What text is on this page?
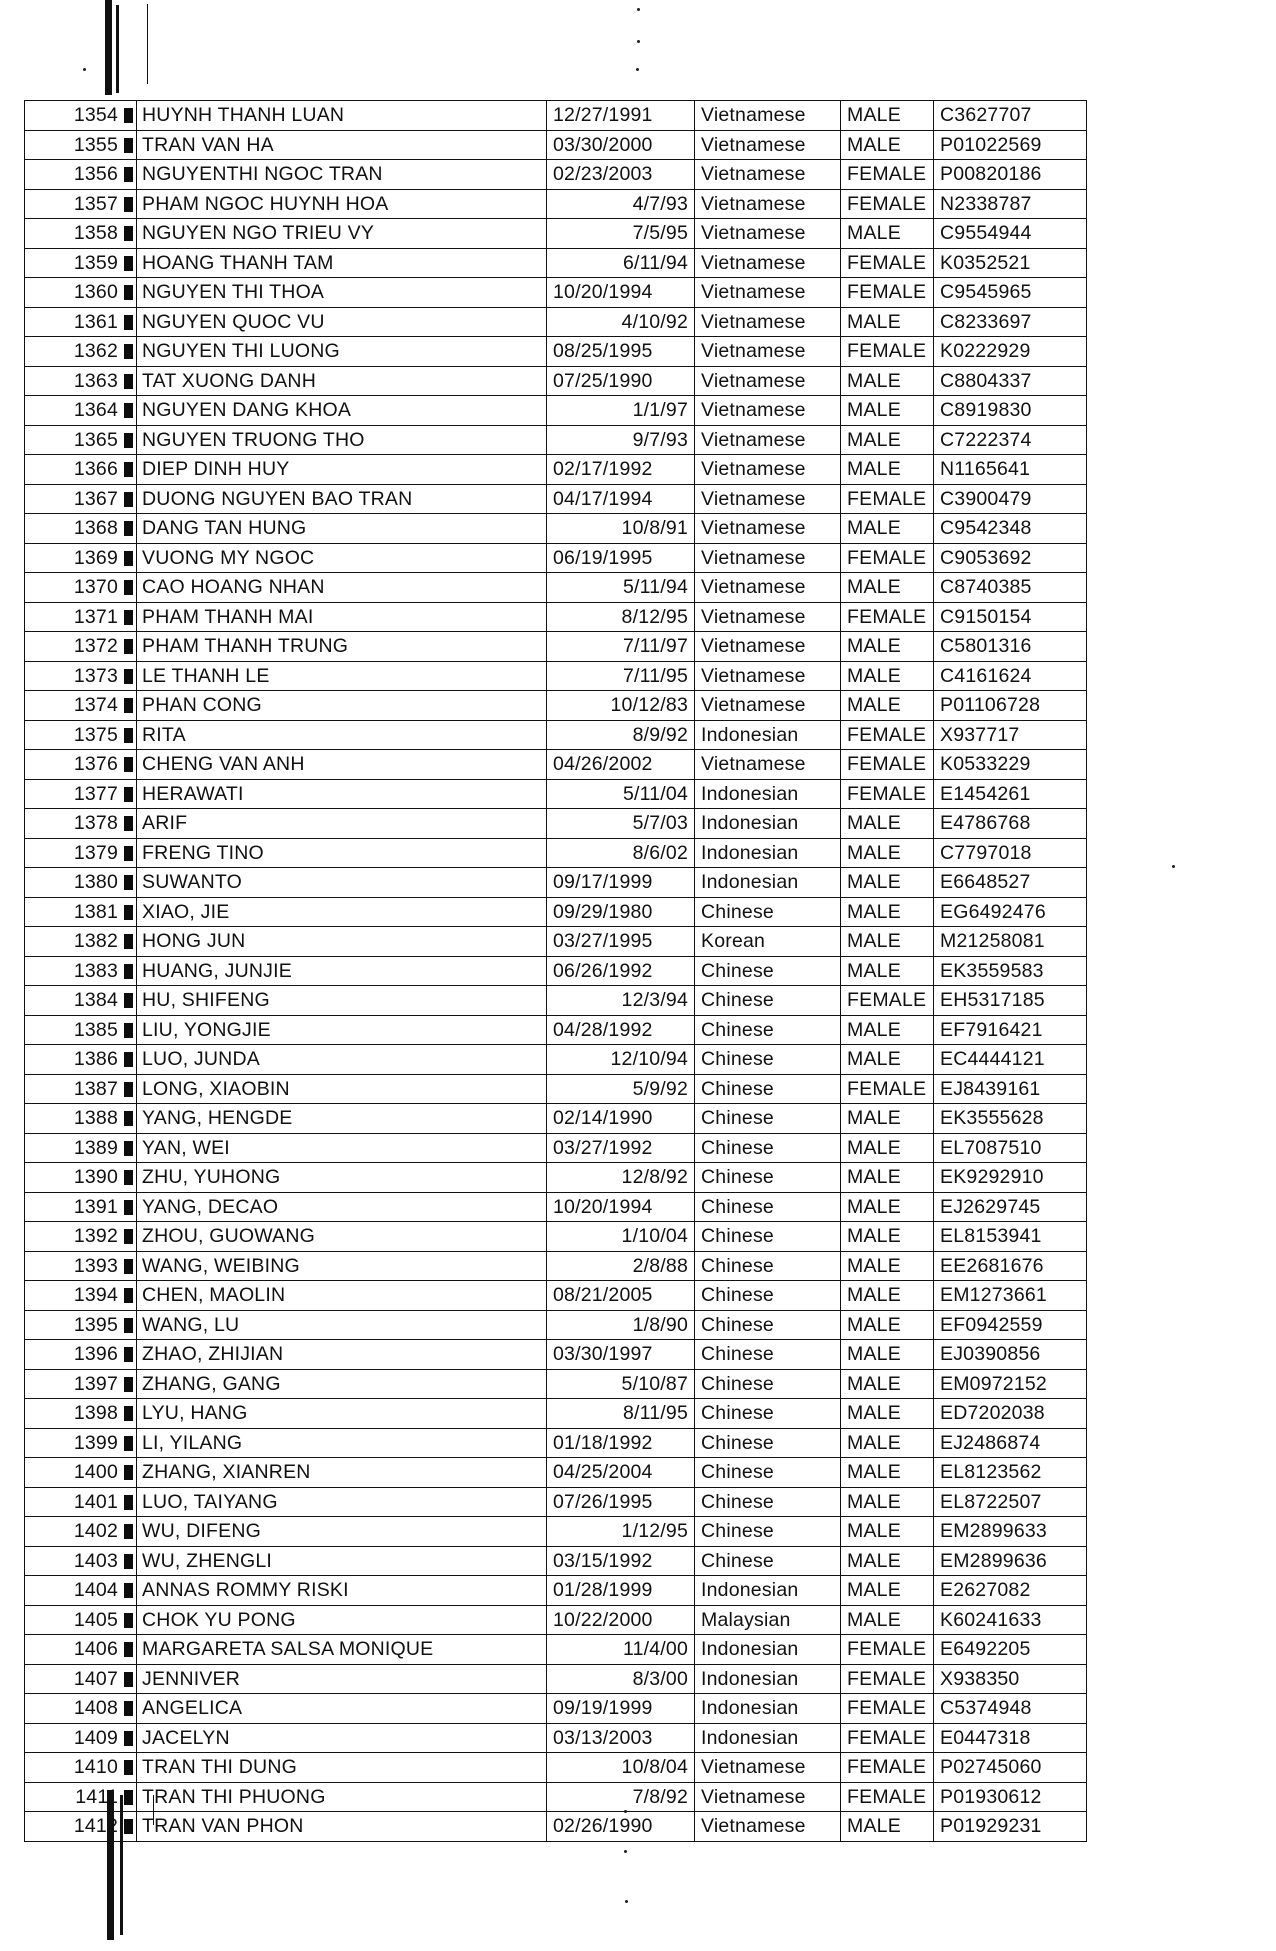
1354	HUYNH THANH LUAN	12/27/1991	Vietnamese	MALE	C3627707
1355	TRAN VAN HA	03/30/2000	Vietnamese	MALE	P01022569
1356	NGUYENTHI NGOC TRAN	02/23/2003	Vietnamese	FEMALE	P00820186
1357	PHAM NGOC HUYNH HOA	4/7/93	Vietnamese	FEMALE	N2338787
1358	NGUYEN NGO TRIEU VY	7/5/95	Vietnamese	MALE	C9554944
1359	HOANG THANH TAM	6/11/94	Vietnamese	FEMALE	K0352521
1360	NGUYEN THI THOA	10/20/1994	Vietnamese	FEMALE	C9545965
1361	NGUYEN QUOC VU	4/10/92	Vietnamese	MALE	C8233697
1362	NGUYEN THI LUONG	08/25/1995	Vietnamese	FEMALE	K0222929
1363	TAT XUONG DANH	07/25/1990	Vietnamese	MALE	C8804337
1364	NGUYEN DANG KHOA	1/1/97	Vietnamese	MALE	C8919830
1365	NGUYEN TRUONG THO	9/7/93	Vietnamese	MALE	C7222374
1366	DIEP DINH HUY	02/17/1992	Vietnamese	MALE	N1165641
1367	DUONG NGUYEN BAO TRAN	04/17/1994	Vietnamese	FEMALE	C3900479
1368	DANG TAN HUNG	10/8/91	Vietnamese	MALE	C9542348
1369	VUONG MY NGOC	06/19/1995	Vietnamese	FEMALE	C9053692
1370	CAO HOANG NHAN	5/11/94	Vietnamese	MALE	C8740385
1371	PHAM THANH MAI	8/12/95	Vietnamese	FEMALE	C9150154
1372	PHAM THANH TRUNG	7/11/97	Vietnamese	MALE	C5801316
1373	LE THANH LE	7/11/95	Vietnamese	MALE	C4161624
1374	PHAN CONG	10/12/83	Vietnamese	MALE	P01106728
1375	RITA	8/9/92	Indonesian	FEMALE	X937717
1376	CHENG VAN ANH	04/26/2002	Vietnamese	FEMALE	K0533229
1377	HERAWATI	5/11/04	Indonesian	FEMALE	E1454261
1378	ARIF	5/7/03	Indonesian	MALE	E4786768
1379	FRENG TINO	8/6/02	Indonesian	MALE	C7797018
1380	SUWANTO	09/17/1999	Indonesian	MALE	E6648527
1381	XIAO, JIE	09/29/1980	Chinese	MALE	EG6492476
1382	HONG JUN	03/27/1995	Korean	MALE	M21258081
1383	HUANG, JUNJIE	06/26/1992	Chinese	MALE	EK3559583
1384	HU, SHIFENG	12/3/94	Chinese	FEMALE	EH5317185
1385	LIU, YONGJIE	04/28/1992	Chinese	MALE	EF7916421
1386	LUO, JUNDA	12/10/94	Chinese	MALE	EC4444121
1387	LONG, XIAOBIN	5/9/92	Chinese	FEMALE	EJ8439161
1388	YANG, HENGDE	02/14/1990	Chinese	MALE	EK3555628
1389	YAN, WEI	03/27/1992	Chinese	MALE	EL7087510
1390	ZHU, YUHONG	12/8/92	Chinese	MALE	EK9292910
1391	YANG, DECAO	10/20/1994	Chinese	MALE	EJ2629745
1392	ZHOU, GUOWANG	1/10/04	Chinese	MALE	EL8153941
1393	WANG, WEIBING	2/8/88	Chinese	MALE	EE2681676
1394	CHEN, MAOLIN	08/21/2005	Chinese	MALE	EM1273661
1395	WANG, LU	1/8/90	Chinese	MALE	EF0942559
1396	ZHAO, ZHIJIAN	03/30/1997	Chinese	MALE	EJ0390856
1397	ZHANG, GANG	5/10/87	Chinese	MALE	EM0972152
1398	LYU, HANG	8/11/95	Chinese	MALE	ED7202038
1399	LI, YILANG	01/18/1992	Chinese	MALE	EJ2486874
1400	ZHANG, XIANREN	04/25/2004	Chinese	MALE	EL8123562
1401	LUO, TAIYANG	07/26/1995	Chinese	MALE	EL8722507
1402	WU, DIFENG	1/12/95	Chinese	MALE	EM2899633
1403	WU, ZHENGLI	03/15/1992	Chinese	MALE	EM2899636
1404	ANNAS ROMMY RISKI	01/28/1999	Indonesian	MALE	E2627082
1405	CHOK YU PONG	10/22/2000	Malaysian	MALE	K60241633
1406	MARGARETA SALSA MONIQUE	11/4/00	Indonesian	FEMALE	E6492205
1407	JENNIVER	8/3/00	Indonesian	FEMALE	X938350
1408	ANGELICA	09/19/1999	Indonesian	FEMALE	C5374948
1409	JACELYN	03/13/2003	Indonesian	FEMALE	E0447318
1410	TRAN THI DUNG	10/8/04	Vietnamese	FEMALE	P02745060
1411	TRAN THI PHUONG	7/8/92	Vietnamese	FEMALE	P01930612
1412	TRAN VAN PHON	02/26/1990	Vietnamese	MALE	P01929231
